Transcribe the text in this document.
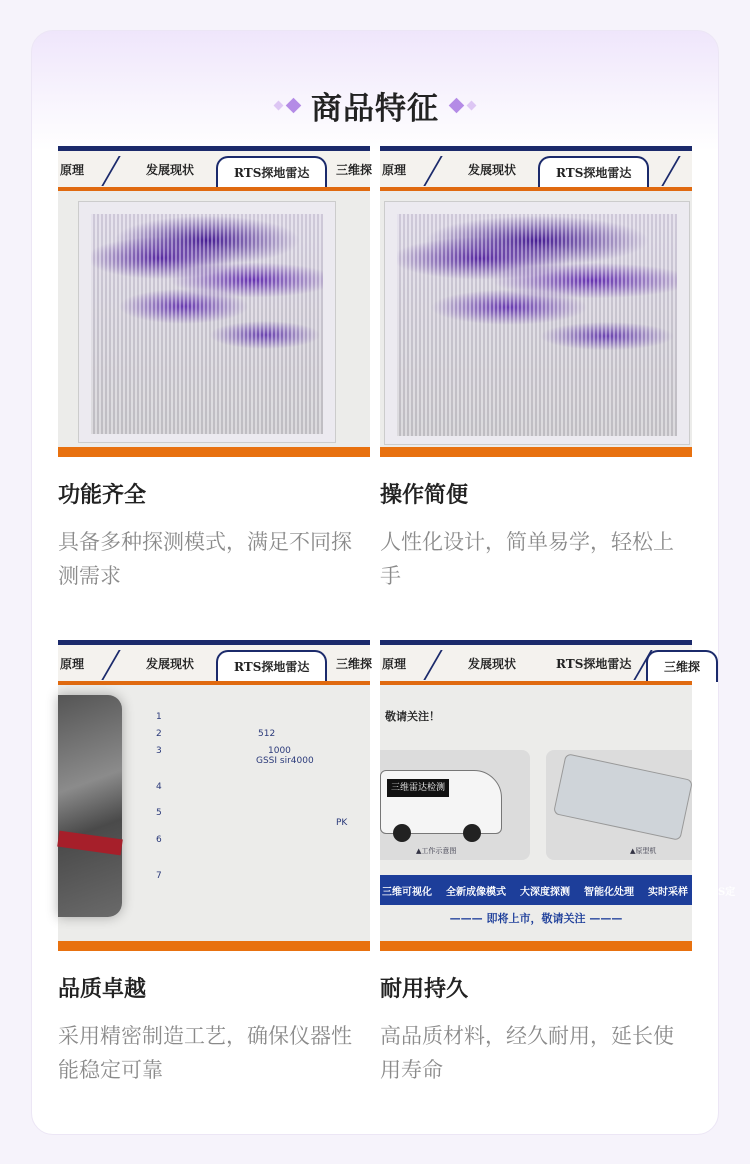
商品特征
原理	发展现状	RTS探地雷达	三维探
功能齐全
具备多种探测模式，满足不同探测需求
原理	发展现状	RTS探地雷达
操作简便
人性化设计，简单易学，轻松上手
原理	发展现状	RTS探地雷达	三维探
1
2
3
4
5
6
7
512
1000
GSSI sir4000
PK
品质卓越
采用精密制造工艺，确保仪器性能稳定可靠
原理	发展现状	RTS探地雷达	三维探
敬请关注！
三维雷达检测
▲工作示意图	▲原型机
三维可视化 全新成像模式 大深度探测 智能化处理 实时采样 GPS定
——— 即将上市，敬请关注 ———
耐用持久
高品质材料，经久耐用，延长使用寿命
